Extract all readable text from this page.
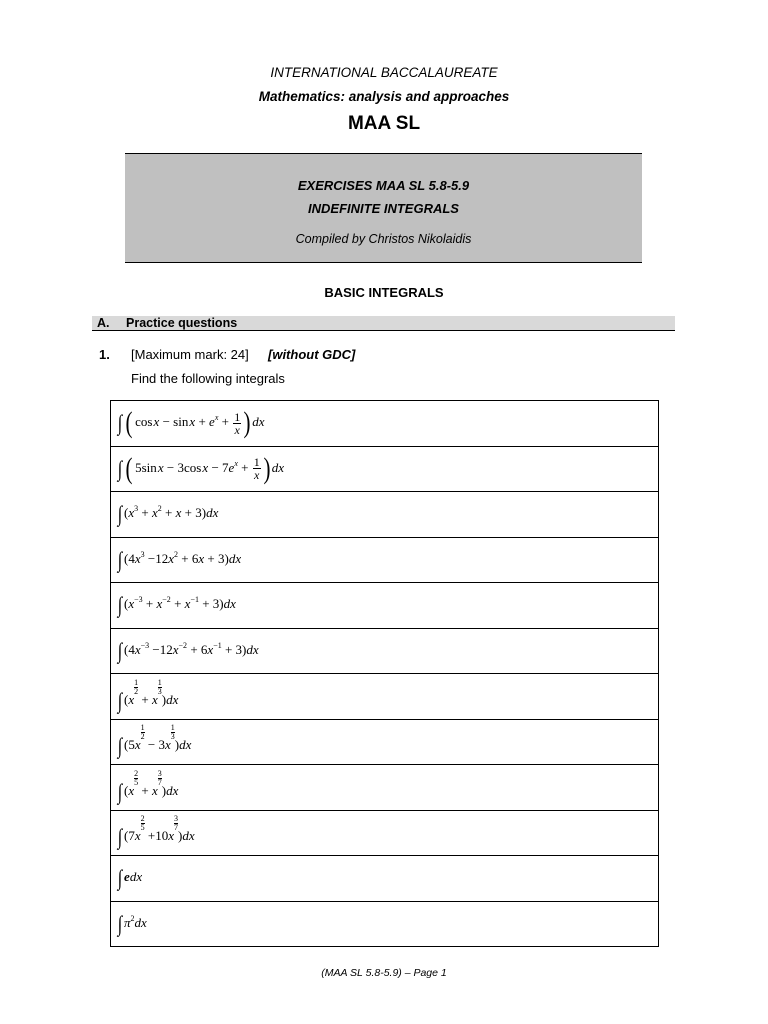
INTERNATIONAL BACCALAUREATE
Mathematics: analysis and approaches
MAA SL
EXERCISES MAA SL 5.8-5.9
INDEFINITE INTEGRALS
Compiled by Christos Nikolaidis
BASIC INTEGRALS
A. Practice questions
1. [Maximum mark: 24] [without GDC]
Find the following integrals
∫ ( cos x − sin $x + e^x + \frac{1}{x}$ ) dx
∫ ( 5sin x − 3cos $x - 7e^x + \frac{1}{x}$ ) dx
∫ $(x^3 + x^2 + x + 3)dx$
∫ $(4x^3 -12x^2 + 6x + 3)dx$
∫ $(x^{-3} + x^{-2} + x^{-1} + 3)dx$
∫ $(4x^{-3} -12x^{-2} + 6x^{-1} + 3)dx$
∫ (x
$\frac{1}{2}$
+ x
$\frac{1}{3}$
)dx
∫ (5x
$\frac{1}{2}$
− 3x
$\frac{1}{3}$
)dx
∫ (x
$\frac{2}{5}$
+ x
$\frac{3}{7}$
)dx
∫ (7x
$\frac{2}{5}$
+10x
$\frac{3}{7}$
)dx
∫ edx
∫ $\pi^2dx$
(MAA SL 5.8-5.9) – Page 1
